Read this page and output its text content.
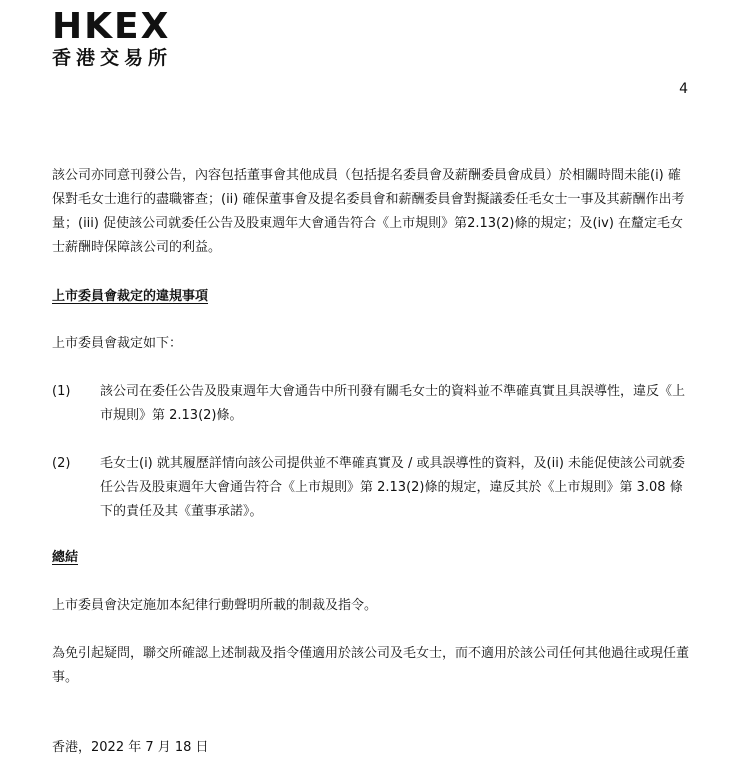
HKEX
香港交易所
4
該公司亦同意刊發公告，內容包括董事會其他成員（包括提名委員會及薪酬委員會成員）於相關時間未能(i) 確保對毛女士進行的盡職審查；(ii) 確保董事會及提名委員會和薪酬委員會對擬議委任毛女士一事及其薪酬作出考量；(iii) 促使該公司就委任公告及股東週年大會通告符合《上市規則》第2.13(2)條的規定；及(iv) 在釐定毛女士薪酬時保障該公司的利益。
上市委員會裁定的違規事項
上市委員會裁定如下：
(1)	該公司在委任公告及股東週年大會通告中所刊發有關毛女士的資料並不準確真實且具誤導性，違反《上市規則》第 2.13(2)條。
(2)	毛女士(i) 就其履歷詳情向該公司提供並不準確真實及 / 或具誤導性的資料，及(ii) 未能促使該公司就委任公告及股東週年大會通告符合《上市規則》第 2.13(2)條的規定，違反其於《上市規則》第 3.08 條下的責任及其《董事承諾》。
總結
上市委員會決定施加本紀律行動聲明所載的制裁及指令。
為免引起疑問，聯交所確認上述制裁及指令僅適用於該公司及毛女士，而不適用於該公司任何其他過往或現任董事。
香港，2022 年 7 月 18 日
